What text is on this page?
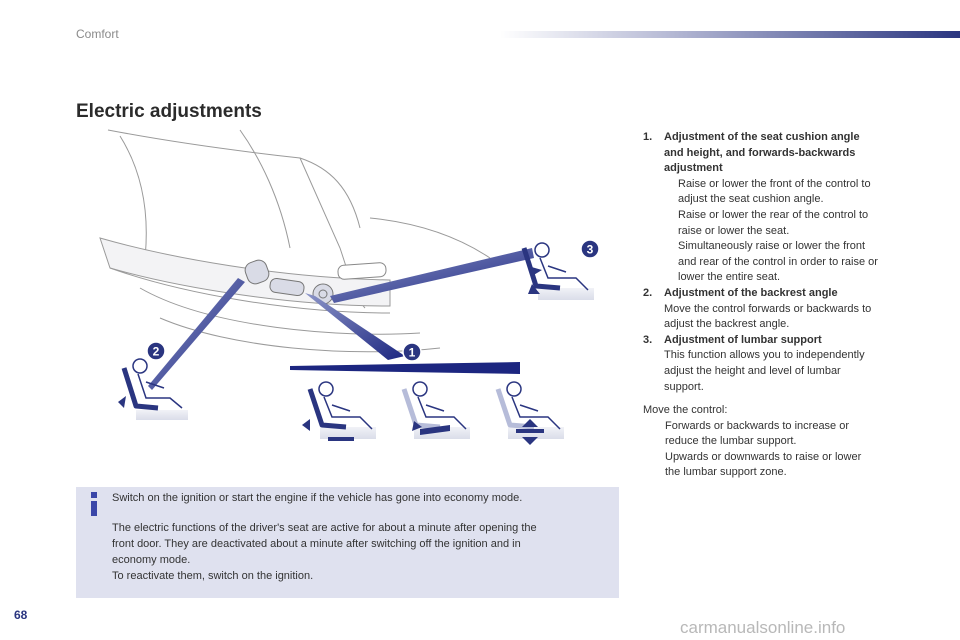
Comfort
Electric adjustments
2	1
3
1. Adjustment of the seat cushion angle
and height, and forwards-backwards
adjustment
Raise or lower the front of the control to
adjust the seat cushion angle.
Raise or lower the rear of the control to
raise or lower the seat.
Simultaneously raise or lower the front
and rear of the control in order to raise or
lower the entire seat.
2. Adjustment of the backrest angle
Move the control forwards or backwards to
adjust the backrest angle.
3. Adjustment of lumbar support
This function allows you to independently
adjust the height and level of lumbar
support.
Move the control:
Forwards or backwards to increase or
reduce the lumbar support.
Upwards or downwards to raise or lower
the lumbar support zone.

Switch on the ignition or start the engine if the vehicle has gone into economy mode.

The electric functions of the driver's seat are active for about a minute after opening the
front door. They are deactivated about a minute after switching off the ignition and in
economy mode.
To reactivate them, switch on the ignition.
68
carmanualsonline.info
